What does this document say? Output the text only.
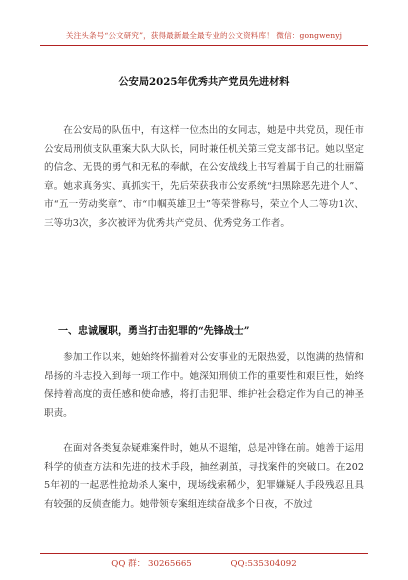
关注头条号“公文研究”，获得最新最全最专业的公文资料库！ 微信：gongwenyj
公安局2025年优秀共产党员先进材料

在公安局的队伍中，有这样一位杰出的女同志，她是中共党员，现任市公安局刑侦支队重案大队大队长，同时兼任机关第三党支部书记。她以坚定的信念、无畏的勇气和无私的奉献，在公安战线上书写着属于自己的壮丽篇章。她求真务实、真抓实干，先后荣获我市公安系统“扫黑除恶先进个人”、市“五一劳动奖章”、市“巾帼英雄卫士”等荣誉称号，荣立个人二等功1次、三等功3次，多次被评为优秀共产党员、优秀党务工作者。

一、忠诚履职，勇当打击犯罪的“先锋战士”

参加工作以来，她始终怀揣着对公安事业的无限热爱，以饱满的热情和昂扬的斗志投入到每一项工作中。她深知刑侦工作的重要性和艰巨性，始终保持着高度的责任感和使命感，将打击犯罪、维护社会稳定作为自己的神圣职责。

在面对各类复杂疑难案件时，她从不退缩，总是冲锋在前。她善于运用科学的侦查方法和先进的技术手段，抽丝剥茧，寻找案件的突破口。在2025年初的一起恶性抢劫杀人案中，现场线索稀少，犯罪嫌疑人手段残忍且具有较强的反侦查能力。她带领专案组连续奋战多个日夜，不放过

QQ 群： 30265665	QQ:535304092
